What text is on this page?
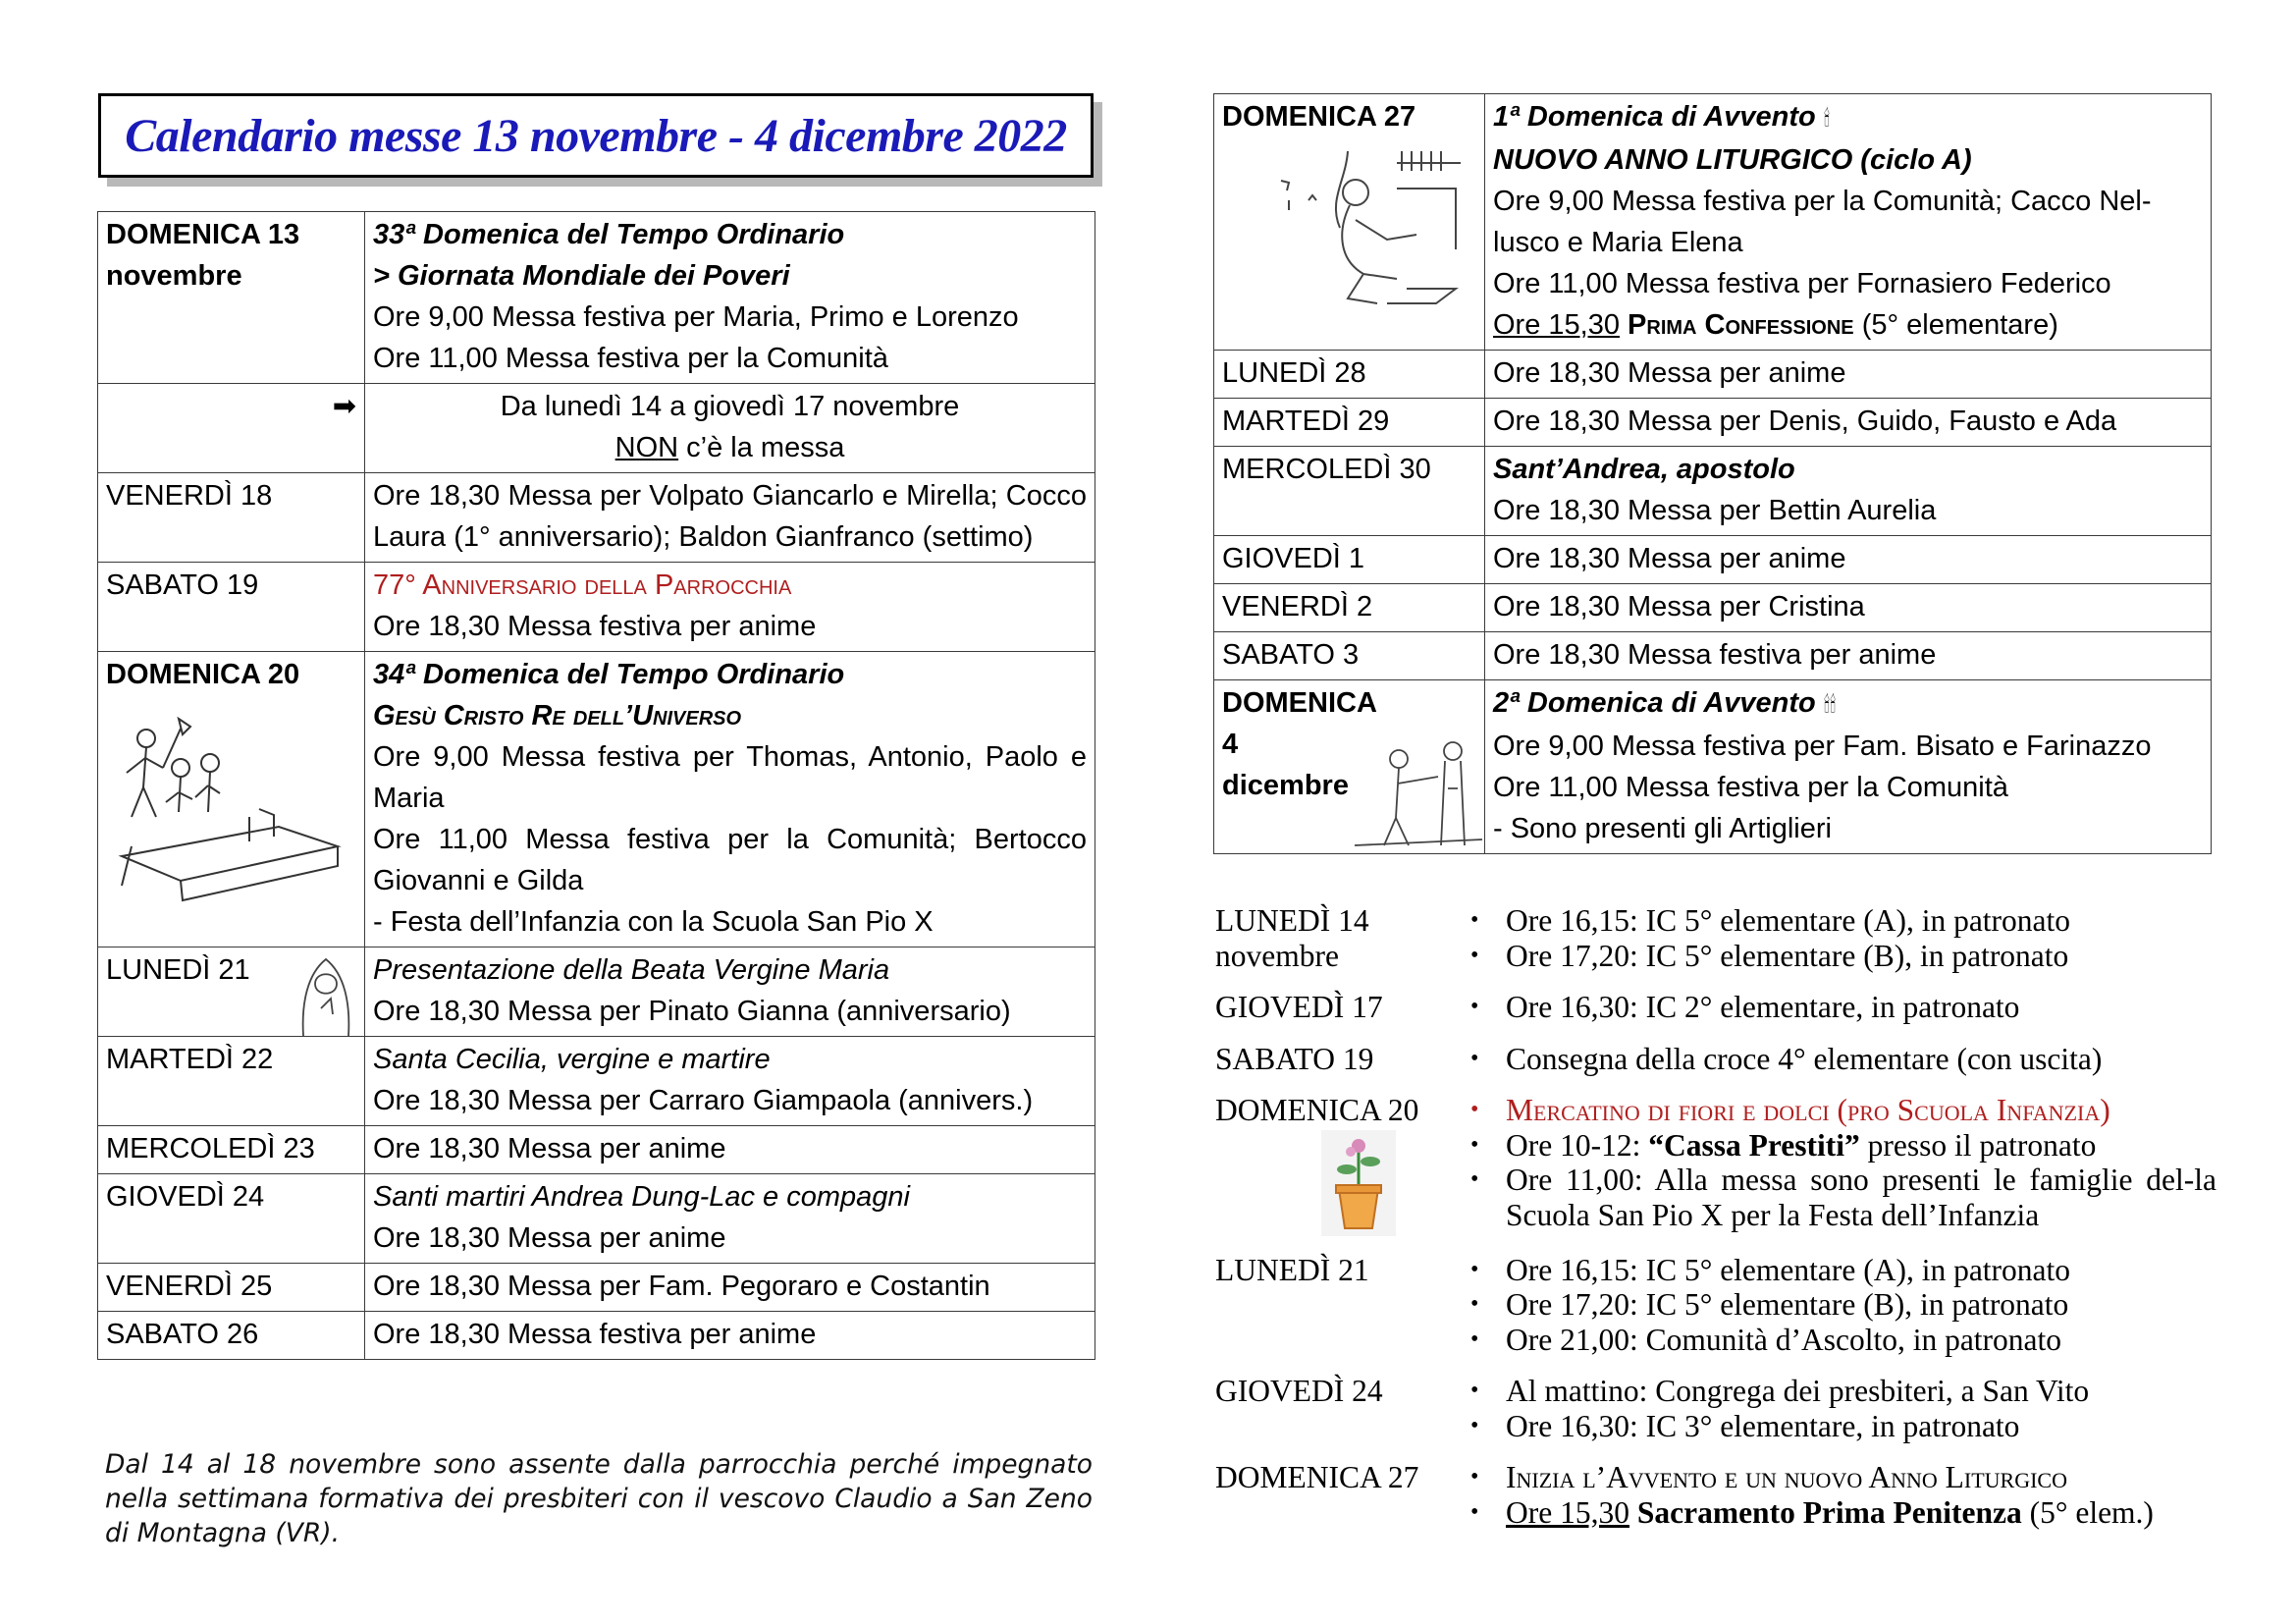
Calendario messe 13 novembre - 4 dicembre 2022
DOMENICA 13 novembre	33ª Domenica del Tempo Ordinario
> Giornata Mondiale dei Poveri
Ore 9,00 Messa festiva per Maria, Primo e Lorenzo
Ore 11,00 Messa festiva per la Comunità

➡	Da lunedì 14 a giovedì 17 novembre
NON c’è la messa

VENERDÌ 18	Ore 18,30 Messa per Volpato Giancarlo e Mirella; Cocco Laura (1° anniversario); Baldon Gianfranco (settimo)

SABATO 19	77° Anniversario della Parrocchia
Ore 18,30 Messa festiva per anime

DOMENICA 20	34ª Domenica del Tempo Ordinario
Gesù Cristo Re dell’Universo
Ore 9,00 Messa festiva per Thomas, Antonio, Paolo e Maria
Ore 11,00 Messa festiva per la Comunità; Bertocco Giovanni e Gilda
- Festa dell’Infanzia con la Scuola San Pio X

LUNEDÌ 21	Presentazione della Beata Vergine Maria
Ore 18,30 Messa per Pinato Gianna (anniversario)

MARTEDÌ 22	Santa Cecilia, vergine e martire
Ore 18,30 Messa per Carraro Giampaola (annivers.)

MERCOLEDÌ 23	Ore 18,30 Messa per anime

GIOVEDÌ 24	Santi martiri Andrea Dung-Lac e compagni
Ore 18,30 Messa per anime

VENERDÌ 25	Ore 18,30 Messa per Fam. Pegoraro e Costantin

SABATO 26	Ore 18,30 Messa festiva per anime
Dal 14 al 18 novembre sono assente dalla parrocchia perché impegnato nella settimana formativa dei presbiteri con il vescovo Claudio a San Zeno di Montagna (VR).
DOMENICA 27	1ª Domenica di Avvento 🕯
NUOVO ANNO LITURGICO (ciclo A)
Ore 9,00 Messa festiva per la Comunità; Cacco Nel-lusco e Maria Elena
Ore 11,00 Messa festiva per Fornasiero Federico
Ore 15,30 Prima Confessione (5° elementare)

LUNEDÌ 28	Ore 18,30 Messa per anime

MARTEDÌ 29	Ore 18,30 Messa per Denis, Guido, Fausto e Ada

MERCOLEDÌ 30	Sant’Andrea, apostolo
Ore 18,30 Messa per Bettin Aurelia

GIOVEDÌ 1	Ore 18,30 Messa per anime

VENERDÌ 2	Ore 18,30 Messa per Cristina

SABATO 3	Ore 18,30 Messa festiva per anime

DOMENICA 4 dicembre	2ª Domenica di Avvento 🕯🕯
Ore 9,00 Messa festiva per Fam. Bisato e Farinazzo
Ore 11,00 Messa festiva per la Comunità
- Sono presenti gli Artiglieri
LUNEDÌ 14 novembre
• Ore 16,15: IC 5° elementare (A), in patronato
• Ore 17,20: IC 5° elementare (B), in patronato
GIOVEDÌ 17	• Ore 16,30: IC 2° elementare, in patronato
SABATO 19	• Consegna della croce 4° elementare (con uscita)
DOMENICA 20	• Mercatino di fiori e dolci (pro Scuola Infanzia)
• Ore 10-12: “Cassa Prestiti” presso il patronato
• Ore 11,00: Alla messa sono presenti le famiglie del-la Scuola San Pio X per la Festa dell’Infanzia
LUNEDÌ 21	• Ore 16,15: IC 5° elementare (A), in patronato
• Ore 17,20: IC 5° elementare (B), in patronato
• Ore 21,00: Comunità d’Ascolto, in patronato
GIOVEDÌ 24	• Al mattino: Congrega dei presbiteri, a San Vito
• Ore 16,30: IC 3° elementare, in patronato
DOMENICA 27	• Inizia l’Avvento e un nuovo Anno Liturgico
• Ore 15,30 Sacramento Prima Penitenza (5° elem.)
